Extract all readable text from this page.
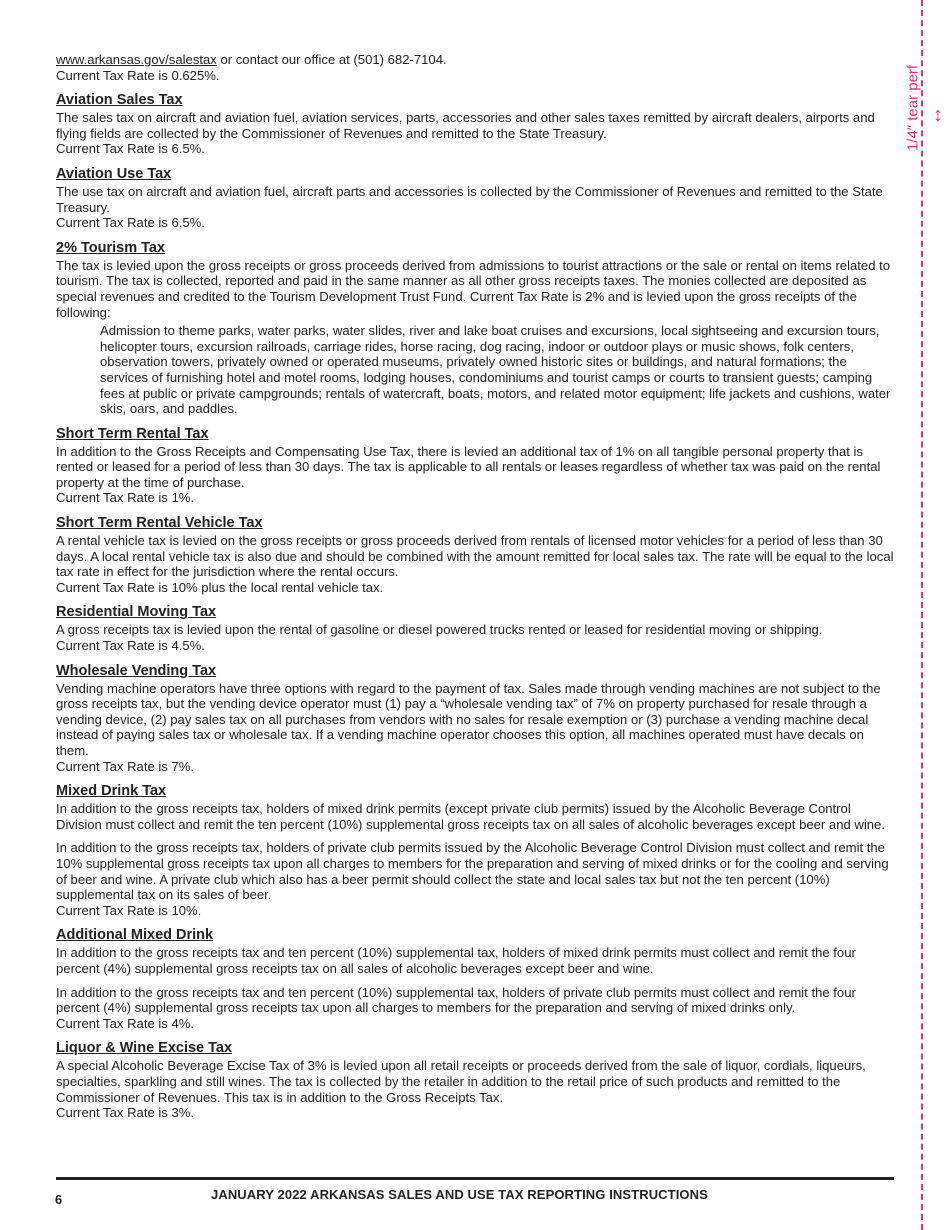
www.arkansas.gov/salestax or contact our office at (501) 682-7104.

Current Tax Rate is 0.625%.

Aviation Sales Tax

The sales tax on aircraft and aviation fuel, aviation services, parts, accessories and other sales taxes remitted by aircraft dealers, airports and flying fields are collected by the Commissioner of Revenues and remitted to the State Treasury.

Current Tax Rate is 6.5%.

Aviation Use Tax

The use tax on aircraft and aviation fuel, aircraft parts and accessories is collected by the Commissioner of Revenues and remitted to the State Treasury.

Current Tax Rate is 6.5%.

2% Tourism Tax

The tax is levied upon the gross receipts or gross proceeds derived from admissions to tourist attractions or the sale or rental on items related to tourism. The tax is collected, reported and paid in the same manner as all other gross receipts taxes. The monies collected are deposited as special revenues and credited to the Tourism Development Trust Fund. Current Tax Rate is 2% and is levied upon the gross receipts of the following:

Admission to theme parks, water parks, water slides, river and lake boat cruises and excursions, local sightseeing and excursion tours, helicopter tours, excursion railroads, carriage rides, horse racing, dog racing, indoor or outdoor plays or music shows, folk centers, observation towers, privately owned or operated museums, privately owned historic sites or buildings, and natural formations; the services of furnishing hotel and motel rooms, lodging houses, condominiums and tourist camps or courts to transient guests; camping fees at public or private campgrounds; rentals of watercraft, boats, motors, and related motor equipment; life jackets and cushions, water skis, oars, and paddles.

Short Term Rental Tax

In addition to the Gross Receipts and Compensating Use Tax, there is levied an additional tax of 1% on all tangible personal property that is rented or leased for a period of less than 30 days. The tax is applicable to all rentals or leases regardless of whether tax was paid on the rental property at the time of purchase.

Current Tax Rate is 1%.

Short Term Rental Vehicle Tax

A rental vehicle tax is levied on the gross receipts or gross proceeds derived from rentals of licensed motor vehicles for a period of less than 30 days. A local rental vehicle tax is also due and should be combined with the amount remitted for local sales tax. The rate will be equal to the local tax rate in effect for the jurisdiction where the rental occurs.

Current Tax Rate is 10% plus the local rental vehicle tax.

Residential Moving Tax

A gross receipts tax is levied upon the rental of gasoline or diesel powered trucks rented or leased for residential moving or shipping.

Current Tax Rate is 4.5%.

Wholesale Vending Tax

Vending machine operators have three options with regard to the payment of tax. Sales made through vending machines are not subject to the gross receipts tax, but the vending device operator must (1) pay a “wholesale vending tax” of 7% on property purchased for resale through a vending device, (2) pay sales tax on all purchases from vendors with no sales for resale exemption or (3) purchase a vending machine decal instead of paying sales tax or wholesale tax. If a vending machine operator chooses this option, all machines operated must have decals on them.

Current Tax Rate is 7%.

Mixed Drink Tax

In addition to the gross receipts tax, holders of mixed drink permits (except private club permits) issued by the Alcoholic Beverage Control Division must collect and remit the ten percent (10%) supplemental gross receipts tax on all sales of alcoholic beverages except beer and wine.

In addition to the gross receipts tax, holders of private club permits issued by the Alcoholic Beverage Control Division must collect and remit the 10% supplemental gross receipts tax upon all charges to members for the preparation and serving of mixed drinks or for the cooling and serving of beer and wine. A private club which also has a beer permit should collect the state and local sales tax but not the ten percent (10%) supplemental tax on its sales of beer.

Current Tax Rate is 10%.

Additional Mixed Drink

In addition to the gross receipts tax and ten percent (10%) supplemental tax, holders of mixed drink permits must collect and remit the four percent (4%) supplemental gross receipts tax on all sales of alcoholic beverages except beer and wine.

In addition to the gross receipts tax and ten percent (10%) supplemental tax, holders of private club permits must collect and remit the four percent (4%) supplemental gross receipts tax upon all charges to members for the preparation and serving of mixed drinks only.

Current Tax Rate is 4%.

Liquor & Wine Excise Tax

A special Alcoholic Beverage Excise Tax of 3% is levied upon all retail receipts or proceeds derived from the sale of liquor, cordials, liqueurs, specialties, sparkling and still wines. The tax is collected by the retailer in addition to the retail price of such products and remitted to the Commissioner of Revenues. This tax is in addition to the Gross Receipts Tax.

Current Tax Rate is 3%.

6	JANUARY 2022 ARKANSAS SALES AND USE TAX REPORTING INSTRUCTIONS
1/4″ tear perf ↕
